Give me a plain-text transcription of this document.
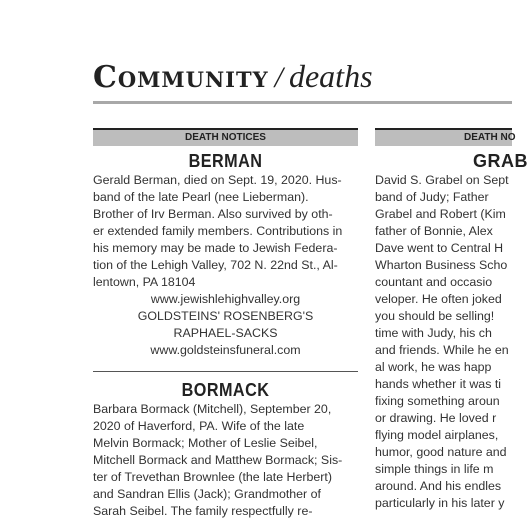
Community / deaths
DEATH NOTICES
BERMAN

Gerald Berman, died on Sept. 19, 2020. Hus-
band of the late Pearl (nee Lieberman).
Brother of Irv Berman. Also survived by oth-
er extended family members. Contributions in
his memory may be made to Jewish Federa-
tion of the Lehigh Valley, 702 N. 22nd St., Al-
lentown, PA 18104

www.jewishlehighvalley.org
GOLDSTEINS' ROSENBERG'S
RAPHAEL-SACKS
www.goldsteinsfuneral.com
BORMACK

Barbara Bormack (Mitchell), September 20,
2020 of Haverford, PA. Wife of the late
Melvin Bormack; Mother of Leslie Seibel,
Mitchell Bormack and Matthew Bormack; Sis-
ter of Trevethan Brownlee (the late Herbert)
and Sandran Ellis (Jack); Grandmother of
Sarah Seibel. The family respectfully re-

DEATH NO
GRAB

David S. Grabel on Sept
band of Judy; Father
Grabel and Robert (Kim
father of Bonnie, Alex
Dave went to Central H
Wharton Business Scho
countant and occasio
veloper. He often joked
you should be selling!
time with Judy, his ch
and friends. While he en
al work, he was happ
hands whether it was ti
fixing something aroun
or drawing. He loved r
flying model airplanes,
humor, good nature and
simple things in life m
around. And his endles
particularly in his later y
